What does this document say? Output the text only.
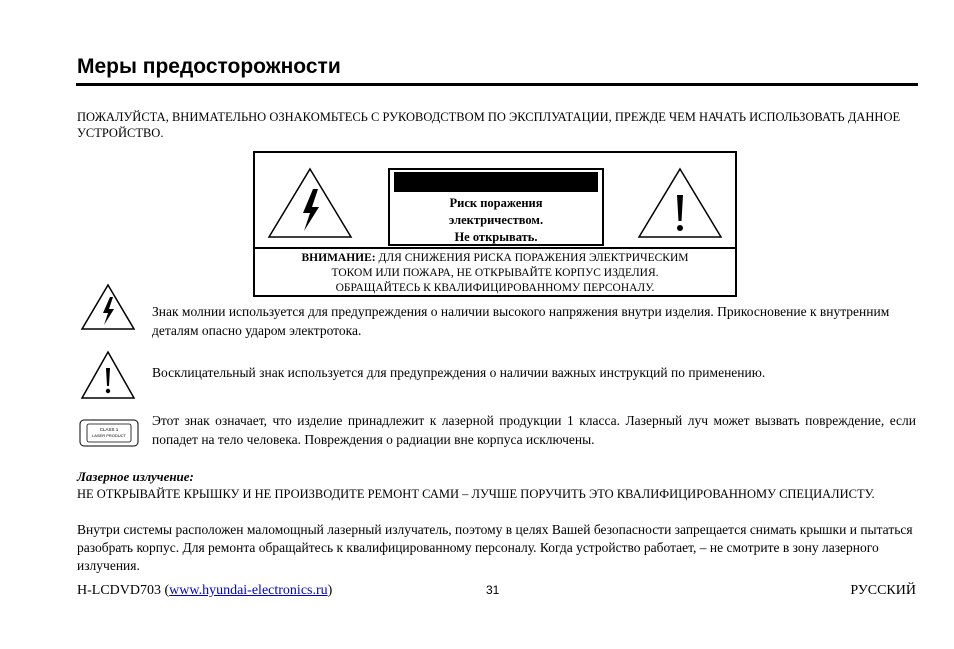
Меры предосторожности
ПОЖАЛУЙСТА, ВНИМАТЕЛЬНО ОЗНАКОМЬТЕСЬ С РУКОВОДСТВОМ ПО ЭКСПЛУАТАЦИИ, ПРЕЖДЕ ЧЕМ НАЧАТЬ ИСПОЛЬЗОВАТЬ ДАННОЕ УСТРОЙСТВО.
Риск поражения
электричеством.
Не открывать.
ВНИМАНИЕ: ДЛЯ СНИЖЕНИЯ РИСКА ПОРАЖЕНИЯ ЭЛЕКТРИЧЕСКИМ
ТОКОМ ИЛИ ПОЖАРА, НЕ ОТКРЫВАЙТЕ КОРПУС ИЗДЕЛИЯ.
ОБРАЩАЙТЕСЬ К КВАЛИФИЦИРОВАННОМУ ПЕРСОНАЛУ.
Знак молнии используется для предупреждения о наличии высокого напряжения внутри изделия. Прикосновение к внутренним деталям опасно ударом электротока.
Восклицательный знак используется для предупреждения о наличии важных инструкций по применению.
CLASS 1
LASER PRODUCT
Этот знак означает, что изделие принадлежит к лазерной продукции 1 класса. Лазерный луч может вызвать повреждение, если попадет на тело человека. Повреждения о радиации вне корпуса исключены.
Лазерное излучение:
НЕ ОТКРЫВАЙТЕ КРЫШКУ И НЕ ПРОИЗВОДИТЕ РЕМОНТ САМИ – ЛУЧШЕ ПОРУЧИТЬ ЭТО КВАЛИФИЦИРОВАННОМУ СПЕЦИАЛИСТУ.
Внутри системы расположен маломощный лазерный излучатель, поэтому в целях Вашей безопасности запрещается снимать крышки и пытаться разобрать корпус. Для ремонта обращайтесь к квалифицированному персоналу. Когда устройство работает, – не смотрите в зону лазерного излучения.
H-LCDVD703 (www.hyundai-electronics.ru)	31	РУССКИЙ
